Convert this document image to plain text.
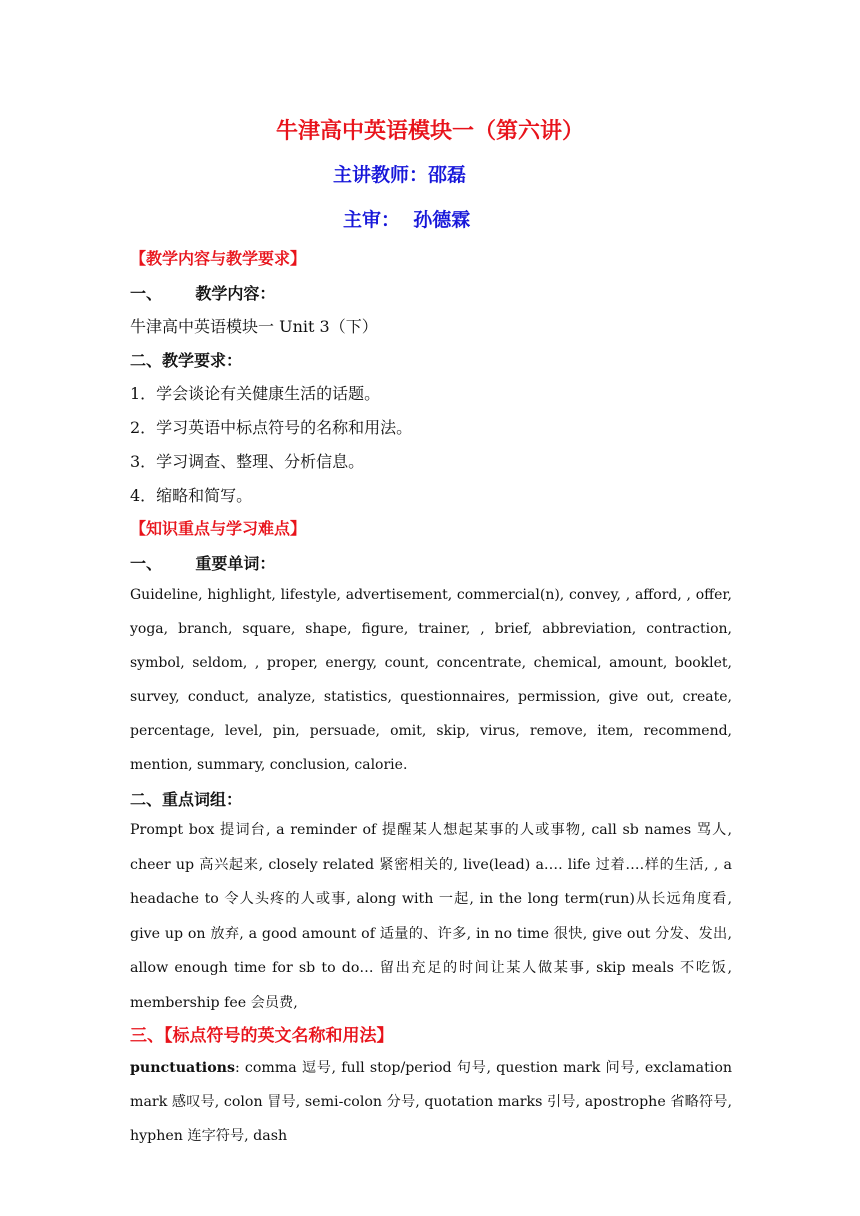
牛津高中英语模块一（第六讲）
主讲教师：邵磊
主审：  孙德霖
【教学内容与教学要求】
一、      教学内容：
牛津高中英语模块一 Unit 3（下）
二、教学要求：
1．学会谈论有关健康生活的话题。
2．学习英语中标点符号的名称和用法。
3．学习调查、整理、分析信息。
4．缩略和简写。
【知识重点与学习难点】
一、      重要单词：
Guideline, highlight, lifestyle, advertisement, commercial(n), convey, , afford, , offer, yoga, branch, square, shape, figure, trainer, , brief, abbreviation, contraction, symbol, seldom, , proper, energy, count, concentrate, chemical, amount, booklet, survey, conduct, analyze, statistics, questionnaires, permission, give out, create, percentage, level, pin, persuade, omit, skip, virus, remove, item, recommend, mention, summary, conclusion, calorie.
二、重点词组：
Prompt box 提词台, a reminder of 提醒某人想起某事的人或事物, call sb names 骂人, cheer up 高兴起来, closely related 紧密相关的, live(lead) a…. life 过着….样的生活, , a headache to 令人头疼的人或事, along with 一起, in the long term(run)从长远角度看, give up on 放弃, a good amount of 适量的、许多, in no time 很快, give out 分发、发出, allow enough time for sb to do… 留出充足的时间让某人做某事, skip meals 不吃饭, membership fee 会员费,
三、【标点符号的英文名称和用法】
punctuations: comma 逗号, full stop/period 句号, question mark 问号, exclamation mark 感叹号, colon 冒号, semi-colon 分号, quotation marks 引号, apostrophe 省略符号, hyphen 连字符号, dash
